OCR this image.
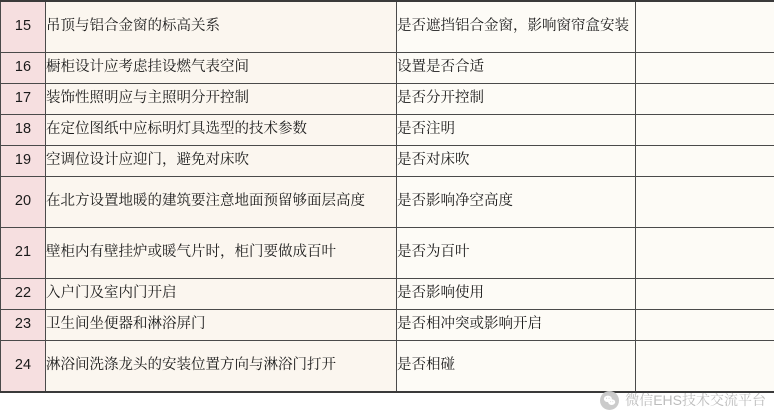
15	吊顶与铝合金窗的标高关系	是否遮挡铝合金窗，影响窗帘盒安装	

16	橱柜设计应考虑挂设燃气表空间	设置是否合适	

17	装饰性照明应与主照明分开控制	是否分开控制	

18	在定位图纸中应标明灯具选型的技术参数	是否注明	

19	空调位设计应迎门，避免对床吹	是否对床吹	

20	在北方设置地暖的建筑要注意地面预留够面层高度	是否影响净空高度	

21	壁柜内有壁挂炉或暖气片时，柜门要做成百叶	是否为百叶	

22	入户门及室内门开启	是否影响使用	

23	卫生间坐便器和淋浴屏门	是否相冲突或影响开启	

24	淋浴间洗涤龙头的安装位置方向与淋浴门打开	是否相碰	

微信EHS技术交流平台
